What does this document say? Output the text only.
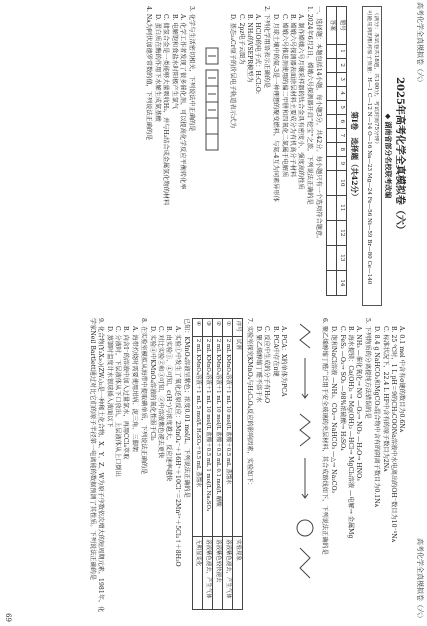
高考化学全真模拟卷（六）
高考化学全真模拟卷（六）
2025年高考化学全真模拟卷（六）
◆ 湖南省部分名校联考改编
（满分：本试卷共18题，共100分，考试时间75分钟）
可能用到的相对原子质量：H—1 C—12 N—14 O—16 Na—23 Mg—24 Fe—56 Ni—59 Br—80 Ce—140
第Ⅰ卷　选择题（共42分）
题号	1	2	3	4	5	6	7	8	9	10	11	12	13	14
答案														
一、选择题：本题包括14小题，每小题3分，共42分。每小题只有一个选项符合题意。
1. 2024年6月2日，嫦娥六号探测器开启“挖宝”之旅，下列说法正确的是
A. 制作嫦娥六号月壤采样器的钛合金具有密度小、强度高的性质
B. 嫦娥六号探测器表面涂层材料主要成分为有机高分子材料
C. 嫦娥六号推进剂使用的偏二甲肼和四氧化二氮属于电解质
D. 月球土壤中的氦-3是一种理想的聚变燃料，与氦-4互为同素异形体
2. 下列化学用语表示正确的是
A. HClO的电子式：H:Cl:O:
B. NH₃的VSEPR模型为
C. 2pz电子云图为
D. 基态₂₄Cr原子的价层电子轨道表示式为
3. 化学与生活密切相关，下列说法中正确的是
A. 化学工作者发现了很多催化剂，可以提高化学反应平衡转化率
B. 电解饱和食盐水时阳极产生氯气
C. 储氢合金是一类能够大量吸收H₂，并与H₂结合成金属氢化物的材料
D. 蛋白质在酶的作用下水解生成氨基酸
4. Nᴀ为阿伏加德罗常数的值，下列说法正确的是
A. 0.1 mol 中含有σ键的数目为0.6Nᴀ
B. 25 ℃时，1 L pH＝9的CH₃COONa溶液中水电离出的OH⁻数目为10⁻⁵Nᴀ
C. 标准状况下，22.4 L HF中含有的原子数目为2Nᴀ
D. 8.4 g NaHCO₃和MgCO₃混合物中含有的阴离子数目为0.1Nᴀ
5. 下列物质的分离提纯方法错误的是
A. NH₃ —催化氧化→ NO —O₂→ NO₂ —H₂O→ HNO₃
B. 海水提镁：Ca(OH)₂ → Mg(OH)₂ —HCl→ MgCl₂溶液 —电解→ 金属Mg
C. FeS₂ —O₂→ SO₂ —98%浓硫酸→ H₂SO₄
D. 饱和NaCl溶液 —NH₃、CO₂→ NaHCO₃ —△→ Na₂CO₃
6. 聚乙烯醇缩丁醛广泛用于安全玻璃的夹层材料，其合成路线如下，下列说法正确的是
A. PCA：X的单体为PCA
B. PCA中存在π键
C. 反应中生成的分子有H₂O
D. 聚乙烯醇缩丁醛不溶于水
7. 实验室探究KMnO₄与H₂C₂O₄反应的影响因素，实验如下：
序号	试剂	实验现象
①	2 mL KMnO₄溶液＋1 mL 10 mol/L 盐酸＋0.5 mL 蒸馏水	溶液紫色褪去，产生气体
②	2 mL KMnO₄溶液＋1 mL 10 mol/L 盐酸＋0.5 mL 0.1 mol/L 醋酸	溶液紫色较快褪去
③	2 mL KMnO₄溶液＋1 mL 10 mol/L 盐酸＋0.5 mL 1 mol/L Na₂SO₄	溶液紫色褪去，产生气体
④	2 mL KMnO₄溶液＋1 mL 5 mol/L H₂SO₄＋0.5 mL 蒸馏水	无明显变化
已知：KMnO₄溶液呈紫色；浓度0.01 mol/L。下列说法正确的是
A. 实验①中发生了氧化还原反应：2MnO₄⁻＋16H⁺＋10Cl⁻＝2Mn²⁺＋5Cl₂↑＋8H₂O
B. 由实验①、④可知，c(H⁺)与浓度越大，反应速率越快
C. 对比实验②和③可知，②中溶液紫色褪去更快
D. 实验④中KMnO₄溶液的氧化性弱于Cl₂
8. 在实验室模拟从海带中提取碘单质，下列说法正确的是
A. 海带灼烧时需要使用坩埚、泥三角、三脚架
B. 向含I⁻的溶液中加入过量氯水，再用CCl₄萃取
C. 分液时，下层液体从下口放出，上层液体从上口倒出
D. 蒸馏时温度计水银球插入液面以下
9. 化合物(Y₂X₂₀)(ZW₃)₂是一种稀土化合物，X、Y、Z、W为原子序数依次增大的短周期元素，1981年，化学家Neil Bartlett通过对比它们的原子半径第一电离能的数据预测了其性质。下列说法正确的是
69
